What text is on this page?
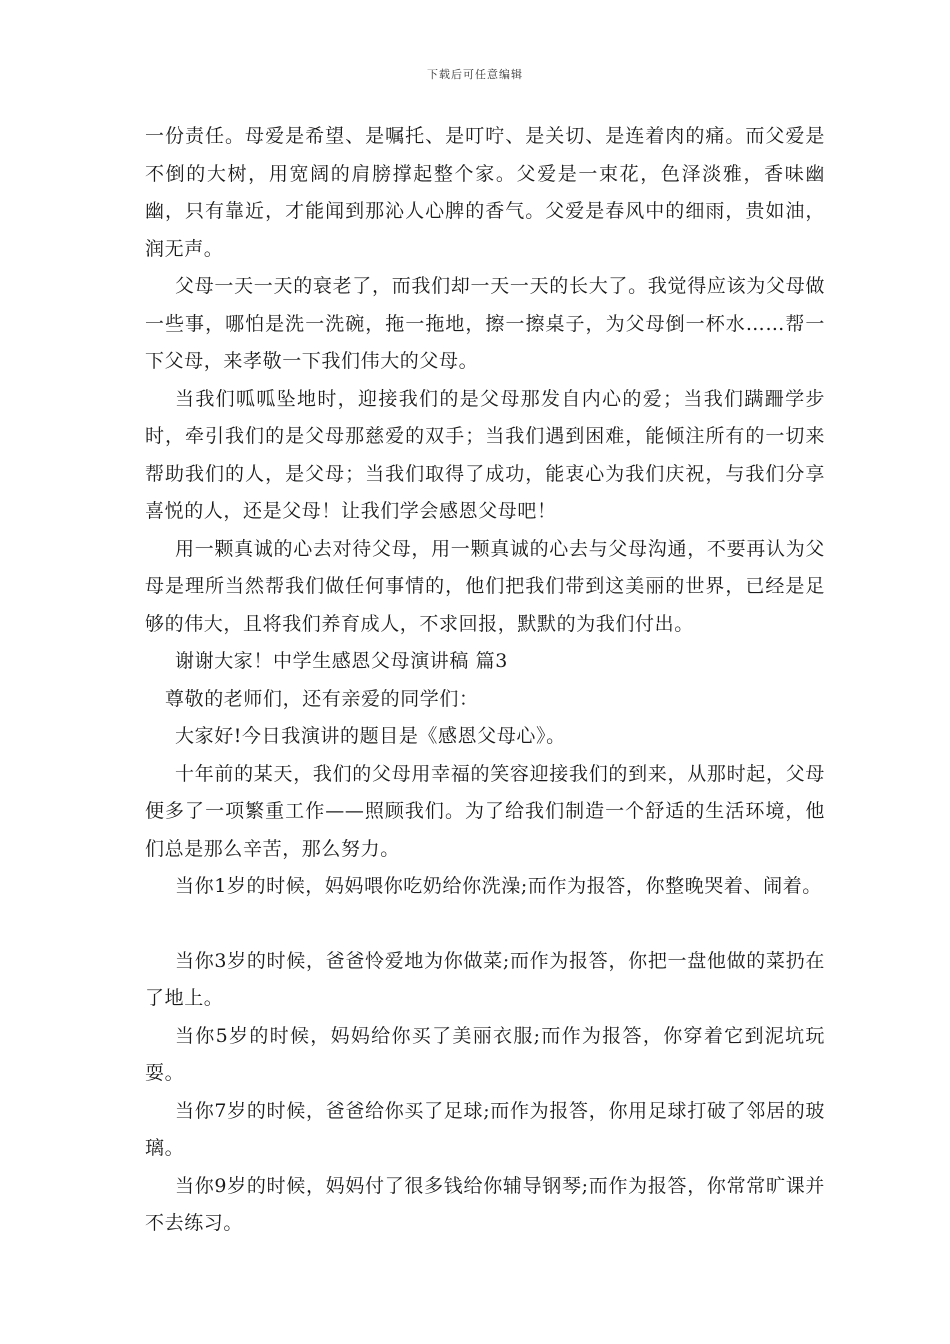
下载后可任意编辑

一份责任。母爱是希望、是嘱托、是叮咛、是关切、是连着肉的痛。而父爱是不倒的大树，用宽阔的肩膀撑起整个家。父爱是一束花，色泽淡雅，香味幽幽，只有靠近，才能闻到那沁人心脾的香气。父爱是春风中的细雨，贵如油，润无声。

父母一天一天的衰老了，而我们却一天一天的长大了。我觉得应该为父母做一些事，哪怕是洗一洗碗，拖一拖地，擦一擦桌子，为父母倒一杯水……帮一下父母，来孝敬一下我们伟大的父母。

当我们呱呱坠地时，迎接我们的是父母那发自内心的爱；当我们蹒跚学步时，牵引我们的是父母那慈爱的双手；当我们遇到困难，能倾注所有的一切来帮助我们的人，是父母；当我们取得了成功，能衷心为我们庆祝，与我们分享喜悦的人，还是父母！让我们学会感恩父母吧！

用一颗真诚的心去对待父母，用一颗真诚的心去与父母沟通，不要再认为父母是理所当然帮我们做任何事情的，他们把我们带到这美丽的世界，已经是足够的伟大，且将我们养育成人，不求回报，默默的为我们付出。

谢谢大家！中学生感恩父母演讲稿 篇3

尊敬的老师们，还有亲爱的同学们：

大家好!今日我演讲的题目是《感恩父母心》。

十年前的某天，我们的父母用幸福的笑容迎接我们的到来，从那时起，父母便多了一项繁重工作——照顾我们。为了给我们制造一个舒适的生活环境，他们总是那么辛苦，那么努力。

当你1岁的时候，妈妈喂你吃奶给你洗澡;而作为报答，你整晚哭着、闹着。

当你3岁的时候，爸爸怜爱地为你做菜;而作为报答，你把一盘他做的菜扔在了地上。

当你5岁的时候，妈妈给你买了美丽衣服;而作为报答，你穿着它到泥坑玩耍。

当你7岁的时候，爸爸给你买了足球;而作为报答，你用足球打破了邻居的玻璃。

当你9岁的时候，妈妈付了很多钱给你辅导钢琴;而作为报答，你常常旷课并不去练习。
